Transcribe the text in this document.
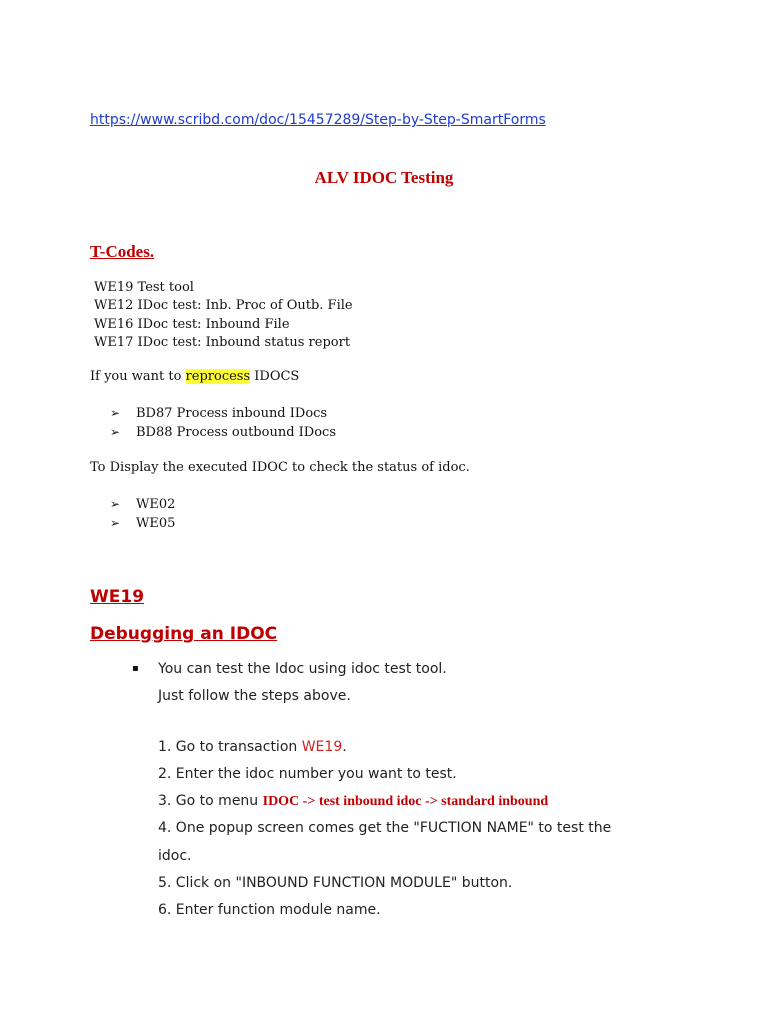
https://www.scribd.com/doc/15457289/Step-by-Step-SmartForms
ALV IDOC Testing
T-Codes.
WE19 Test tool
WE12 IDoc test: Inb. Proc of Outb. File
WE16 IDoc test: Inbound File
WE17 IDoc test: Inbound status report
If you want to reprocess IDOCS
➢ BD87 Process inbound IDocs
➢ BD88 Process outbound IDocs
To Display the executed IDOC to check the status of idoc.
➢ WE02
➢ WE05
WE19
Debugging an IDOC
▪ You can test the Idoc using idoc test tool.
Just follow the steps above.
1. Go to transaction WE19.
2. Enter the idoc number you want to test.
3. Go to menu IDOC -> test inbound idoc -> standard inbound
4. One popup screen comes get the "FUCTION NAME" to test the
idoc.
5. Click on "INBOUND FUNCTION MODULE" button.
6. Enter function module name.
